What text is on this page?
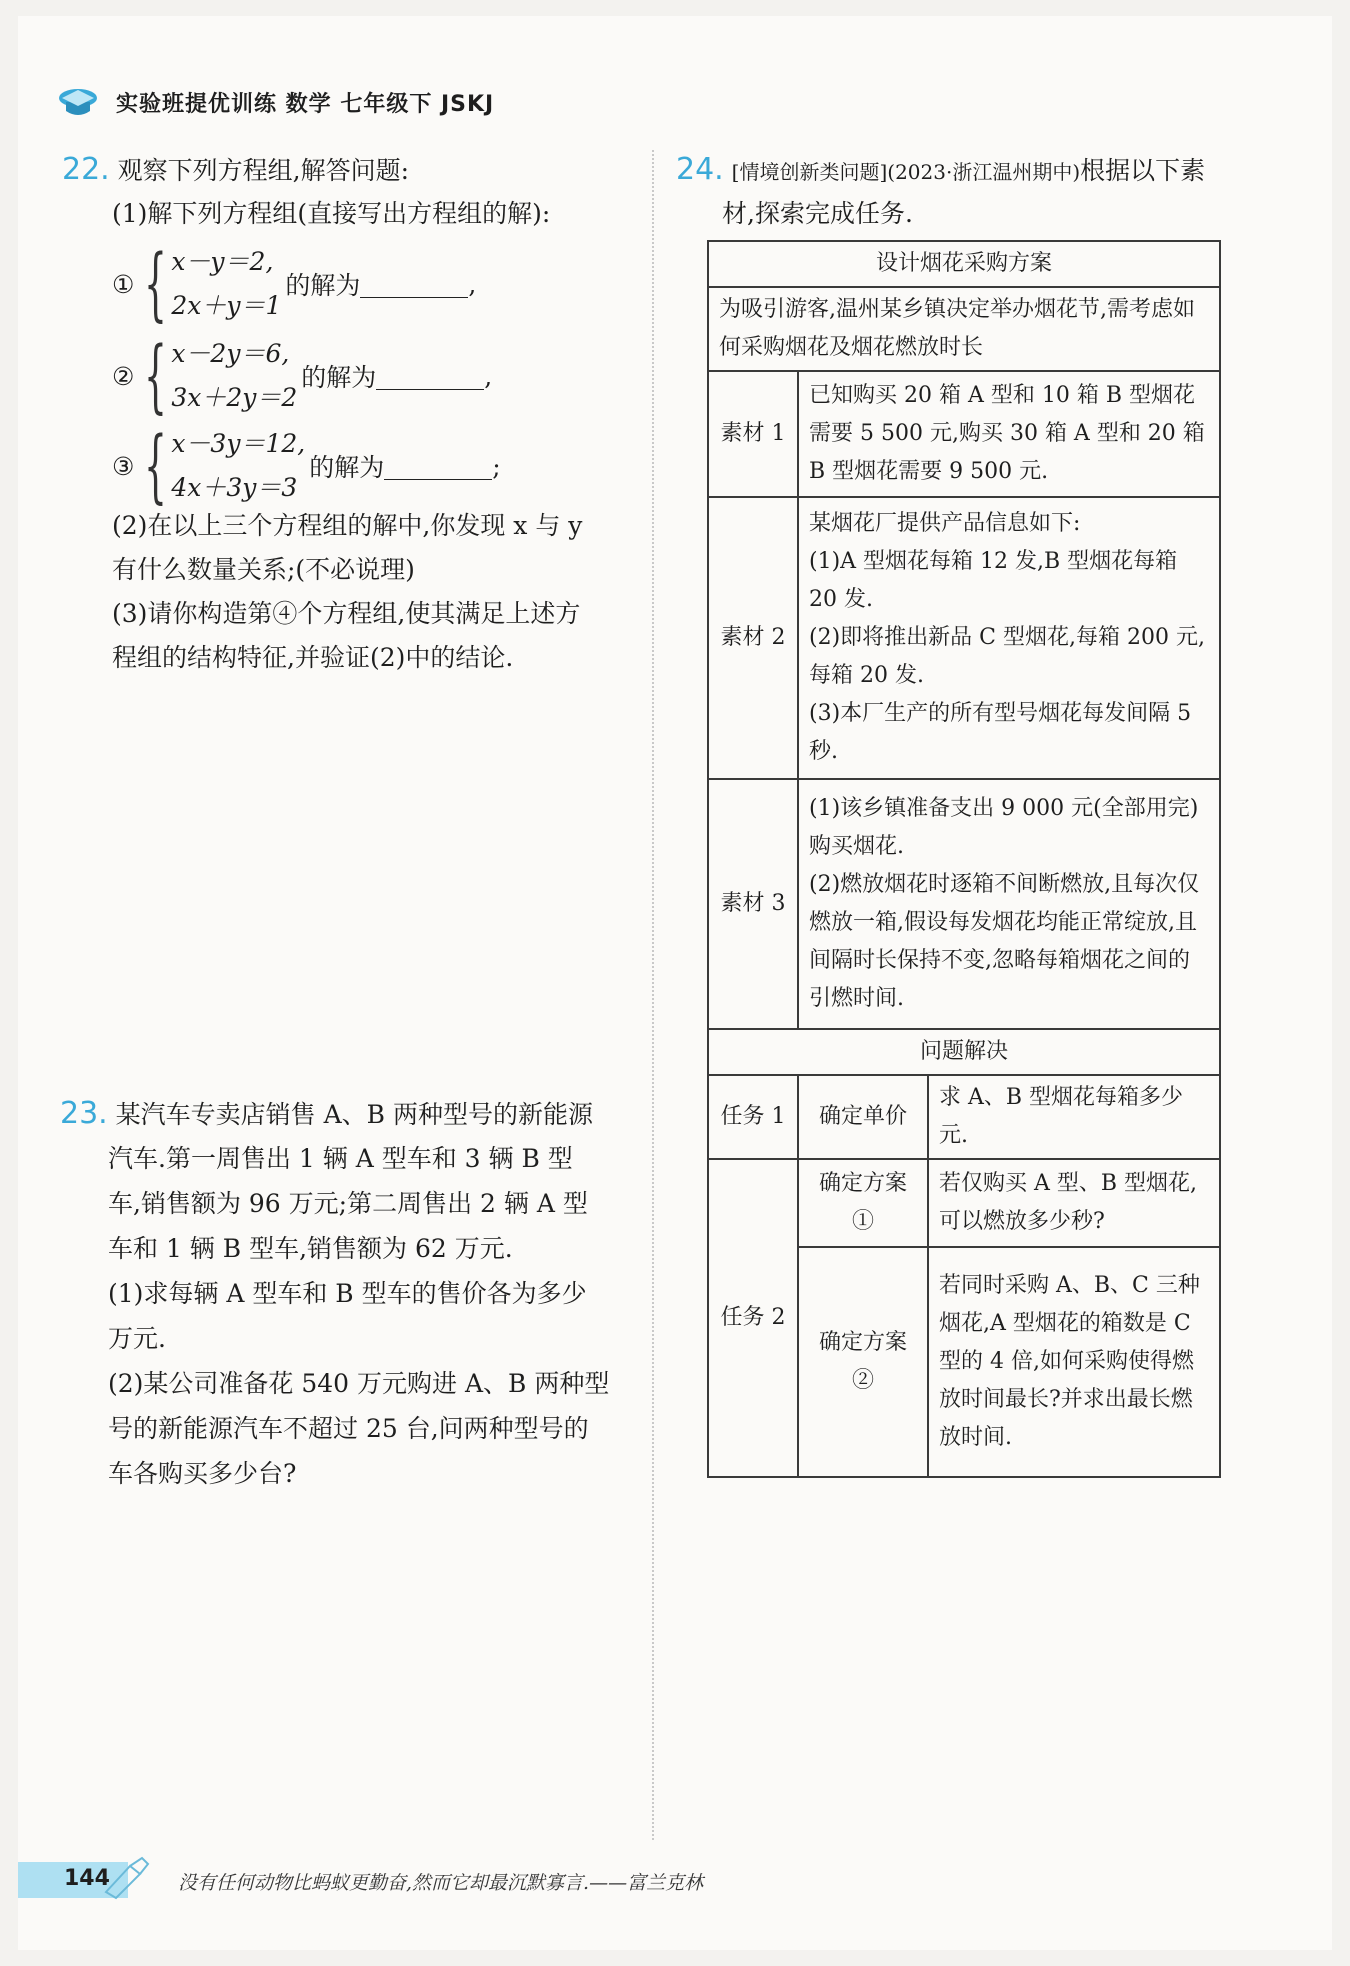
实验班提优训练 数学 七年级下 JSKJ
22. 观察下列方程组,解答问题:
(1)解下列方程组(直接写出方程组的解):
① { x－y＝2,
2x＋y＝1
的解为	,
② { x－2y＝6,
3x＋2y＝2
的解为	,
③ { x－3y＝12,
4x＋3y＝3
的解为	;
(2)在以上三个方程组的解中,你发现 x 与 y
有什么数量关系;(不必说理)
(3)请你构造第④个方程组,使其满足上述方
程组的结构特征,并验证(2)中的结论.
23. 某汽车专卖店销售 A、B 两种型号的新能源
汽车.第一周售出 1 辆 A 型车和 3 辆 B 型
车,销售额为 96 万元;第二周售出 2 辆 A 型
车和 1 辆 B 型车,销售额为 62 万元.
(1)求每辆 A 型车和 B 型车的售价各为多少
万元.
(2)某公司准备花 540 万元购进 A、B 两种型
号的新能源汽车不超过 25 台,问两种型号的
车各购买多少台?
24. [情境创新类问题](2023·浙江温州期中)根据以下素
材,探索完成任务.
设计烟花采购方案		
为吸引游客,温州某乡镇决定举办烟花节,需考虑如何采购烟花及烟花燃放时长		
素材 1	已知购买 20 箱 A 型和 10 箱 B 型烟花需要 5 500 元,购买 30 箱 A 型和 20 箱 B 型烟花需要 9 500 元.	
素材 2	某烟花厂提供产品信息如下:
(1)A 型烟花每箱 12 发,B 型烟花每箱 20 发.
(2)即将推出新品 C 型烟花,每箱 200 元,每箱 20 发.
(3)本厂生产的所有型号烟花每发间隔 5 秒.	

素材 3	(1)该乡镇准备支出 9 000 元(全部用完)购买烟花.
(2)燃放烟花时逐箱不间断燃放,且每次仅燃放一箱,假设每发烟花均能正常绽放,且间隔时长保持不变,忽略每箱烟花之间的引燃时间.	

问题解决		
任务 1	确定单价	求 A、B 型烟花每箱多少元.
任务 2	确定方案①	若仅购买 A 型、B 型烟花,可以燃放多少秒?
	确定方案②	若同时采购 A、B、C 三种烟花,A 型烟花的箱数是 C 型的 4 倍,如何采购使得燃放时间最长?并求出最长燃放时间.
144	没有任何动物比蚂蚁更勤奋,然而它却最沉默寡言.——富兰克林
